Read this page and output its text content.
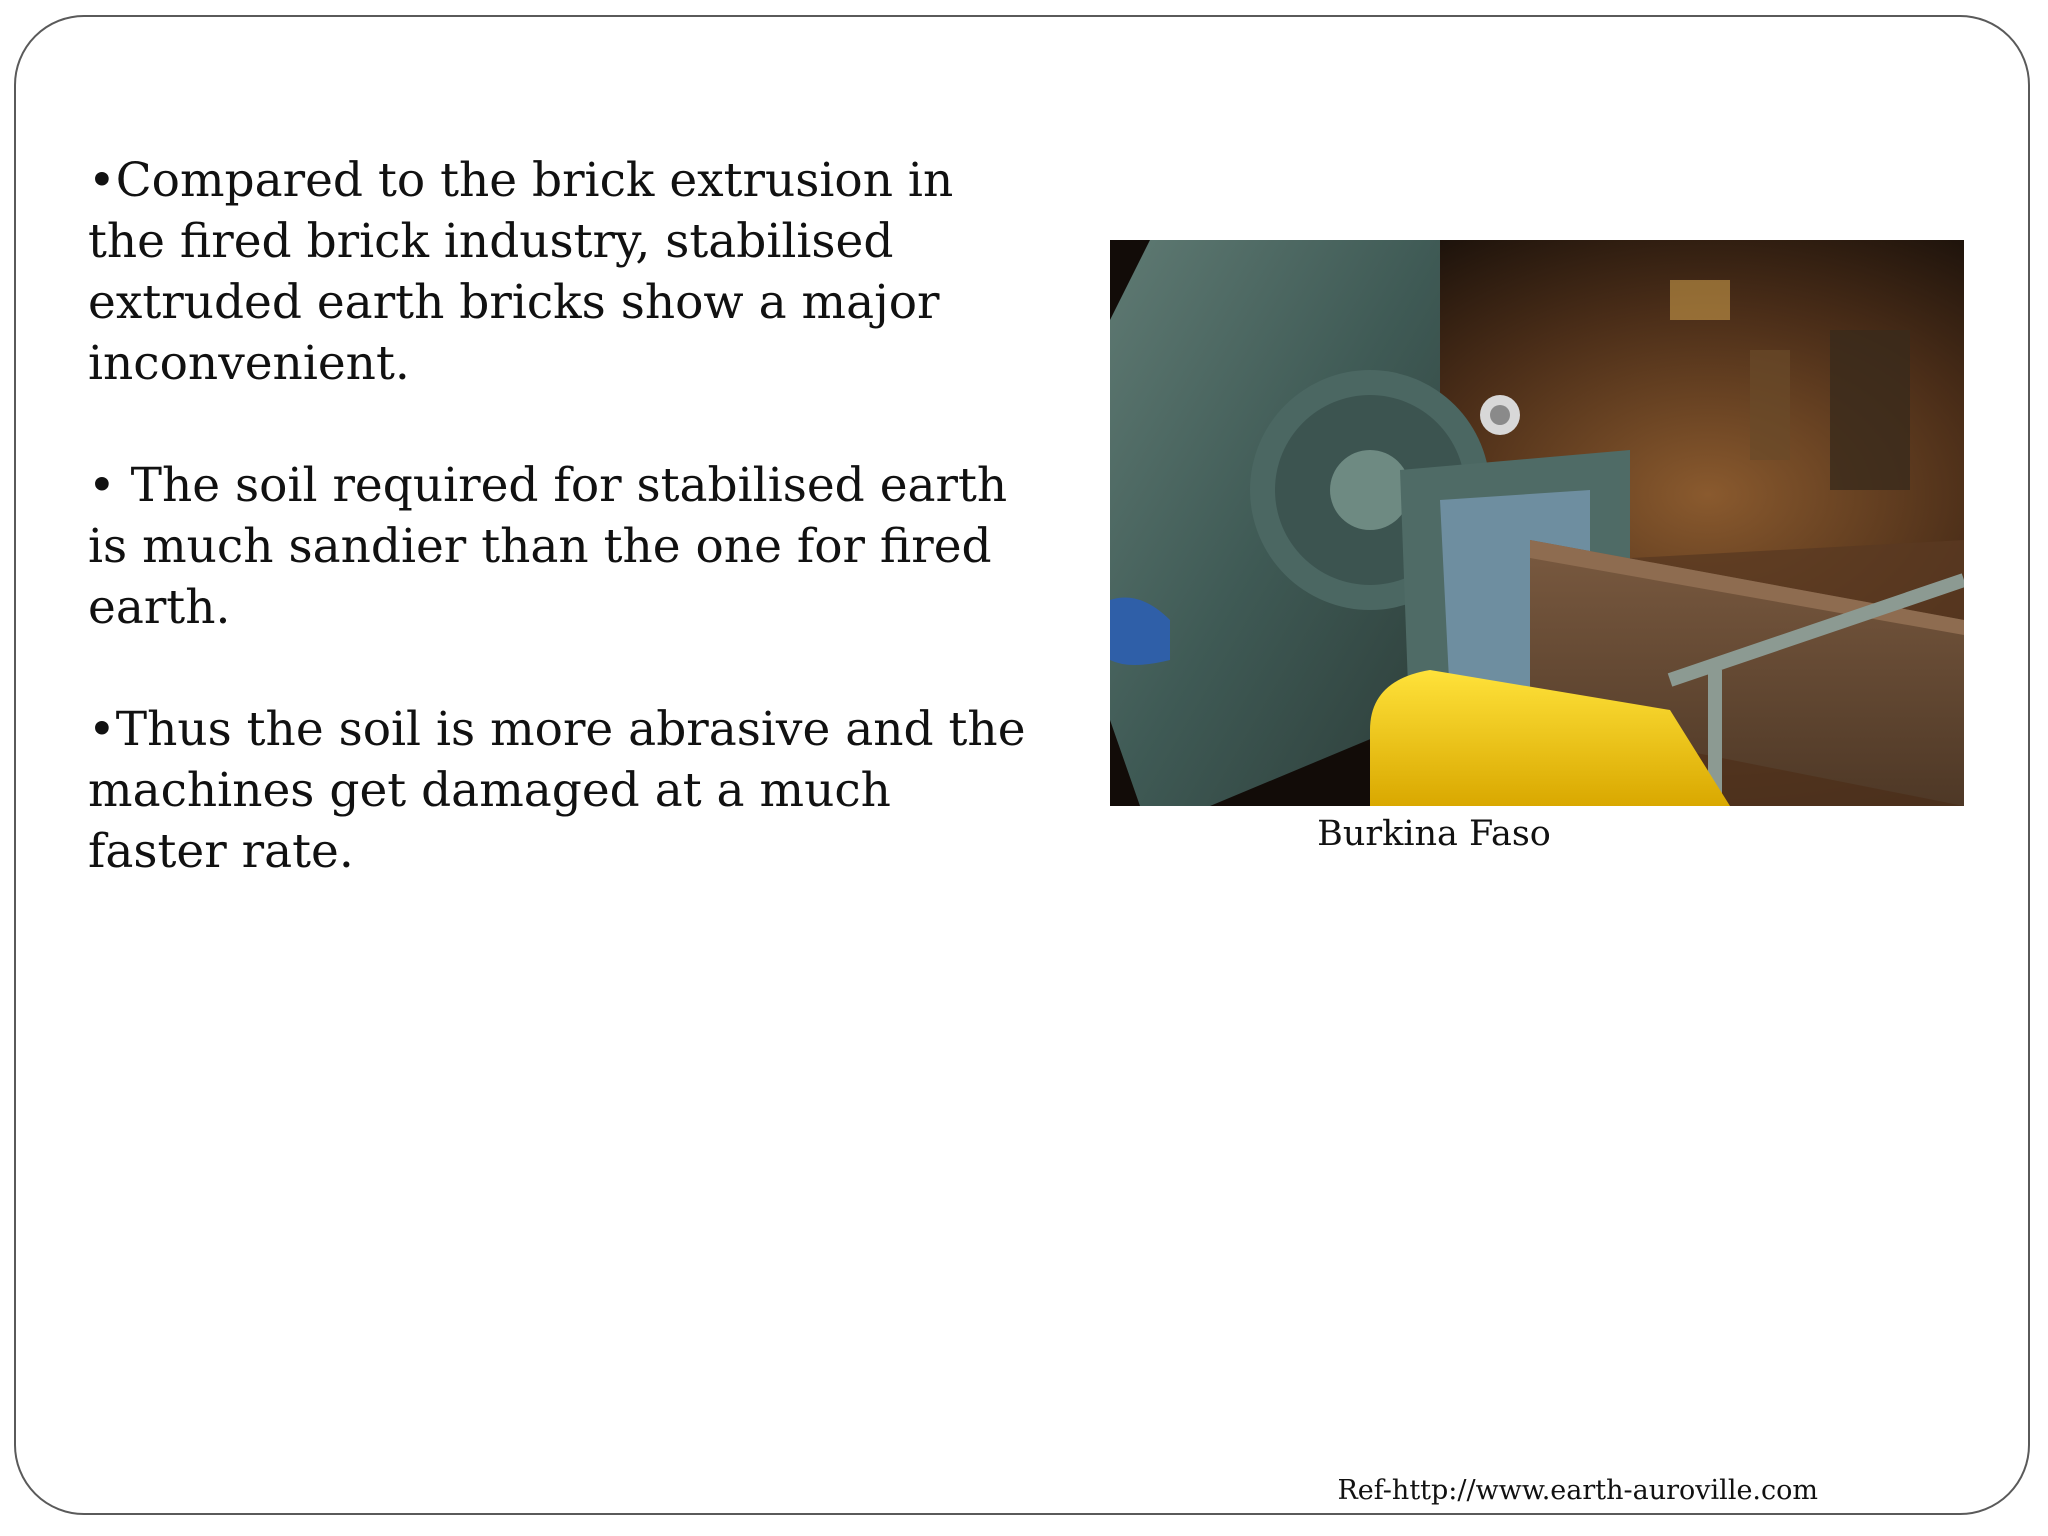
•Compared to the brick extrusion in the fired brick industry, stabilised extruded earth bricks show a major inconvenient.

• The soil required for stabilised earth is much sandier than the one for fired earth.

•Thus the soil is more abrasive and the machines get damaged at a much faster rate.	Burkina Faso
Ref-http://www.earth-auroville.com
